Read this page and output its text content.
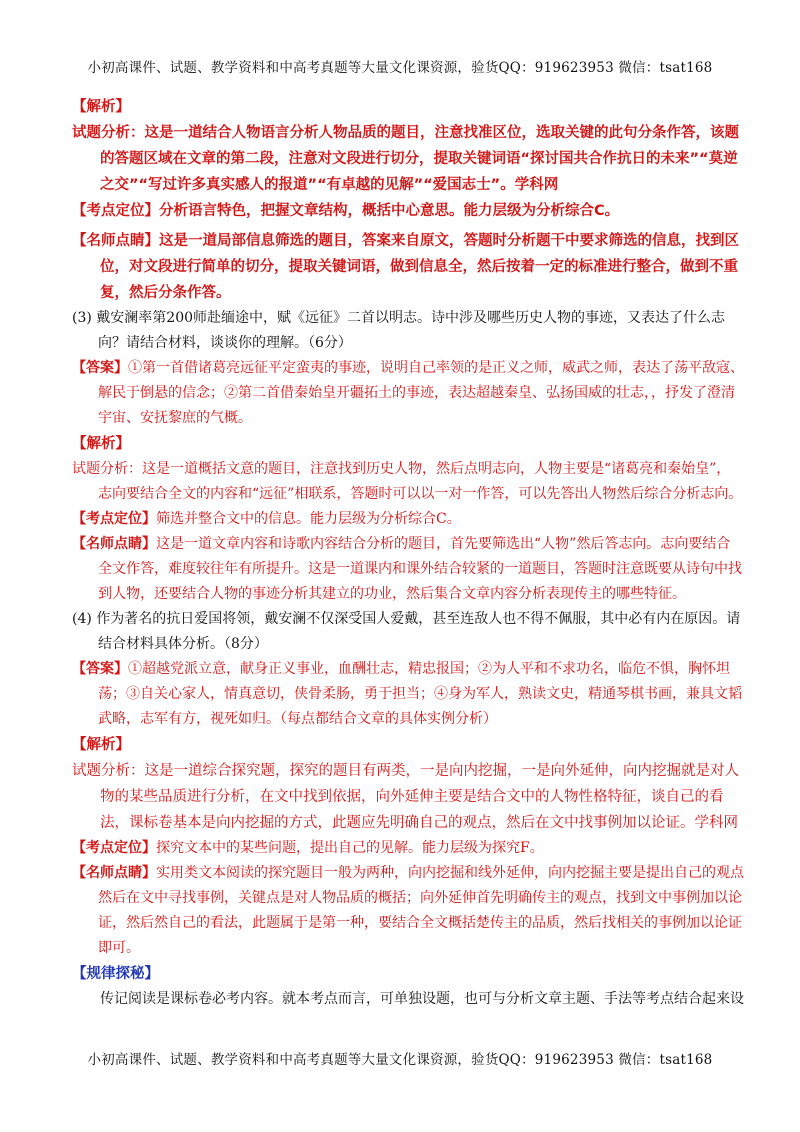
小初高课件、试题、教学资料和中高考真题等大量文化课资源，验货QQ：919623953 微信：tsat168

【解析】

试题分析：这是一道结合人物语言分析人物品质的题目，注意找准区位，选取关键的此句分条作答，该题的答题区域在文章的第二段，注意对文段进行切分，提取关键词语“探讨国共合作抗日的未来”“莫逆之交”“写过许多真实感人的报道”“有卓越的见解”“爱国志士”。学科网

【考点定位】分析语言特色，把握文章结构，概括中心意思。能力层级为分析综合C。

【名师点睛】这是一道局部信息筛选的题目，答案来自原文，答题时分析题干中要求筛选的信息，找到区位，对文段进行简单的切分，提取关键词语，做到信息全，然后按着一定的标准进行整合，做到不重复，然后分条作答。

(3) 戴安澜率第200师赴缅途中，赋《远征》二首以明志。诗中涉及哪些历史人物的事迹，又表达了什么志向？请结合材料，谈谈你的理解。（6分）

【答案】①第一首借诸葛亮远征平定蛮夷的事迹，说明自己率领的是正义之师，威武之师，表达了荡平敌寇、解民于倒悬的信念；②第二首借秦始皇开疆拓土的事迹，表达超越秦皇、弘扬国威的壮志，，抒发了澄清宇宙、安抚黎庶的气概。

【解析】

试题分析：这是一道概括文意的题目，注意找到历史人物，然后点明志向，人物主要是“诸葛亮和秦始皇”，志向要结合全文的内容和“远征”相联系，答题时可以以一对一作答，可以先答出人物然后综合分析志向。

【考点定位】筛选并整合文中的信息。能力层级为分析综合C。

【名师点睛】这是一道文章内容和诗歌内容结合分析的题目，首先要筛选出“人物”然后答志向。志向要结合全文作答，难度较往年有所提升。这是一道课内和课外结合较紧的一道题目，答题时注意既要从诗句中找到人物，还要结合人物的事迹分析其建立的功业，然后集合文章内容分析表现传主的哪些特征。

(4) 作为著名的抗日爱国将领，戴安澜不仅深受国人爱戴，甚至连敌人也不得不佩服，其中必有内在原因。请结合材料具体分析。（8分）

【答案】①超越党派立意，献身正义事业，血酬壮志，精忠报国；②为人平和不求功名，临危不惧，胸怀坦荡；③自关心家人，情真意切，侠骨柔肠，勇于担当；④身为军人，熟读文史，精通琴棋书画，兼具文韬武略，志军有方，视死如归。（每点都结合文章的具体实例分析）

【解析】

试题分析：这是一道综合探究题，探究的题目有两类，一是向内挖掘，一是向外延伸，向内挖掘就是对人物的某些品质进行分析，在文中找到依据，向外延伸主要是结合文中的人物性格特征，谈自己的看法，课标卷基本是向内挖掘的方式，此题应先明确自己的观点，然后在文中找事例加以论证。学科网

【考点定位】探究文本中的某些问题，提出自己的见解。能力层级为探究F。

【名师点睛】实用类文本阅读的探究题目一般为两种，向内挖掘和线外延伸，向内挖掘主要是提出自己的观点然后在文中寻找事例，关键点是对人物品质的概括；向外延伸首先明确传主的观点，找到文中事例加以论证，然后然自己的看法，此题属于是第一种，要结合全文概括楚传主的品质，然后找相关的事例加以论证即可。

【规律探秘】

传记阅读是课标卷必考内容。就本考点而言，可单独设题，也可与分析文章主题、手法等考点结合起来设

小初高课件、试题、教学资料和中高考真题等大量文化课资源，验货QQ：919623953 微信：tsat168
